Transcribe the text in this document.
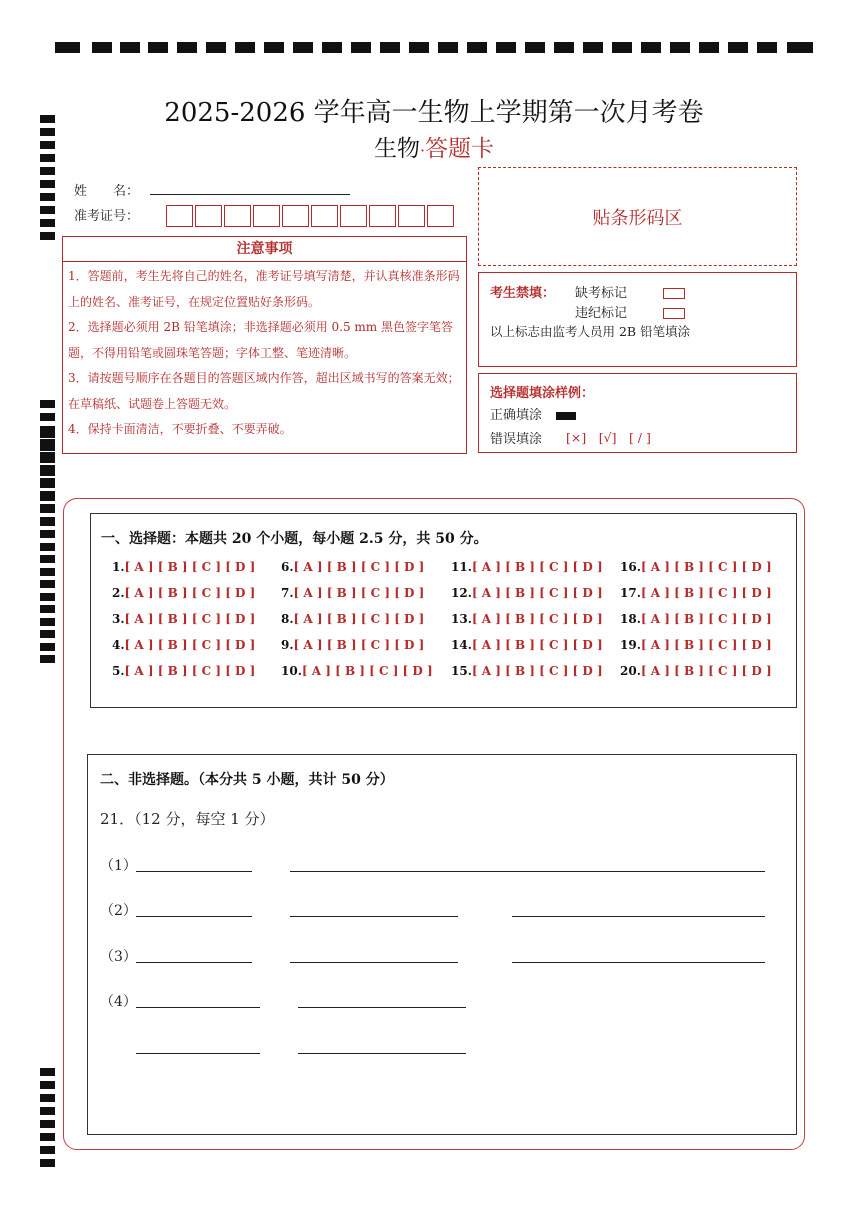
2025-2026 学年高一生物上学期第一次月考卷
生物·答题卡
姓　　名：
准考证号：	贴条形码区
注意事项
1．答题前，考生先将自己的姓名，准考证号填写清楚，并认真核准条形码上的姓名、准考证号，在规定位置贴好条形码。
2．选择题必须用 2B 铅笔填涂；非选择题必须用 0.5 mm 黑色签字笔答题，不得用铅笔或圆珠笔答题；字体工整、笔迹清晰。
3．请按题号顺序在各题目的答题区域内作答，超出区域书写的答案无效；在草稿纸、试题卷上答题无效。
4．保持卡面清洁，不要折叠、不要弄破。
考生禁填： 缺考标记
违纪标记
以上标志由监考人员用 2B 铅笔填涂
选择题填涂样例：
正确填涂
错误填涂 [×]　[√]　[ / ]
一、选择题：本题共 20 个小题，每小题 2.5 分，共 50 分。
1.[ A ] [ B ] [ C ] [ D ]
2.[ A ] [ B ] [ C ] [ D ]
3.[ A ] [ B ] [ C ] [ D ]
4.[ A ] [ B ] [ C ] [ D ]
5.[ A ] [ B ] [ C ] [ D ]
6.[ A ] [ B ] [ C ] [ D ]
7.[ A ] [ B ] [ C ] [ D ]
8.[ A ] [ B ] [ C ] [ D ]
9.[ A ] [ B ] [ C ] [ D ]
10.[ A ] [ B ] [ C ] [ D ]
11.[ A ] [ B ] [ C ] [ D ]
12.[ A ] [ B ] [ C ] [ D ]
13.[ A ] [ B ] [ C ] [ D ]
14.[ A ] [ B ] [ C ] [ D ]
15.[ A ] [ B ] [ C ] [ D ]
16.[ A ] [ B ] [ C ] [ D ]
17.[ A ] [ B ] [ C ] [ D ]
18.[ A ] [ B ] [ C ] [ D ]
19.[ A ] [ B ] [ C ] [ D ]
20.[ A ] [ B ] [ C ] [ D ]
二、非选择题。（本分共 5 小题，共计 50 分）
21．（12 分，每空 1 分）
（1）
（2）
（3）
（4）
